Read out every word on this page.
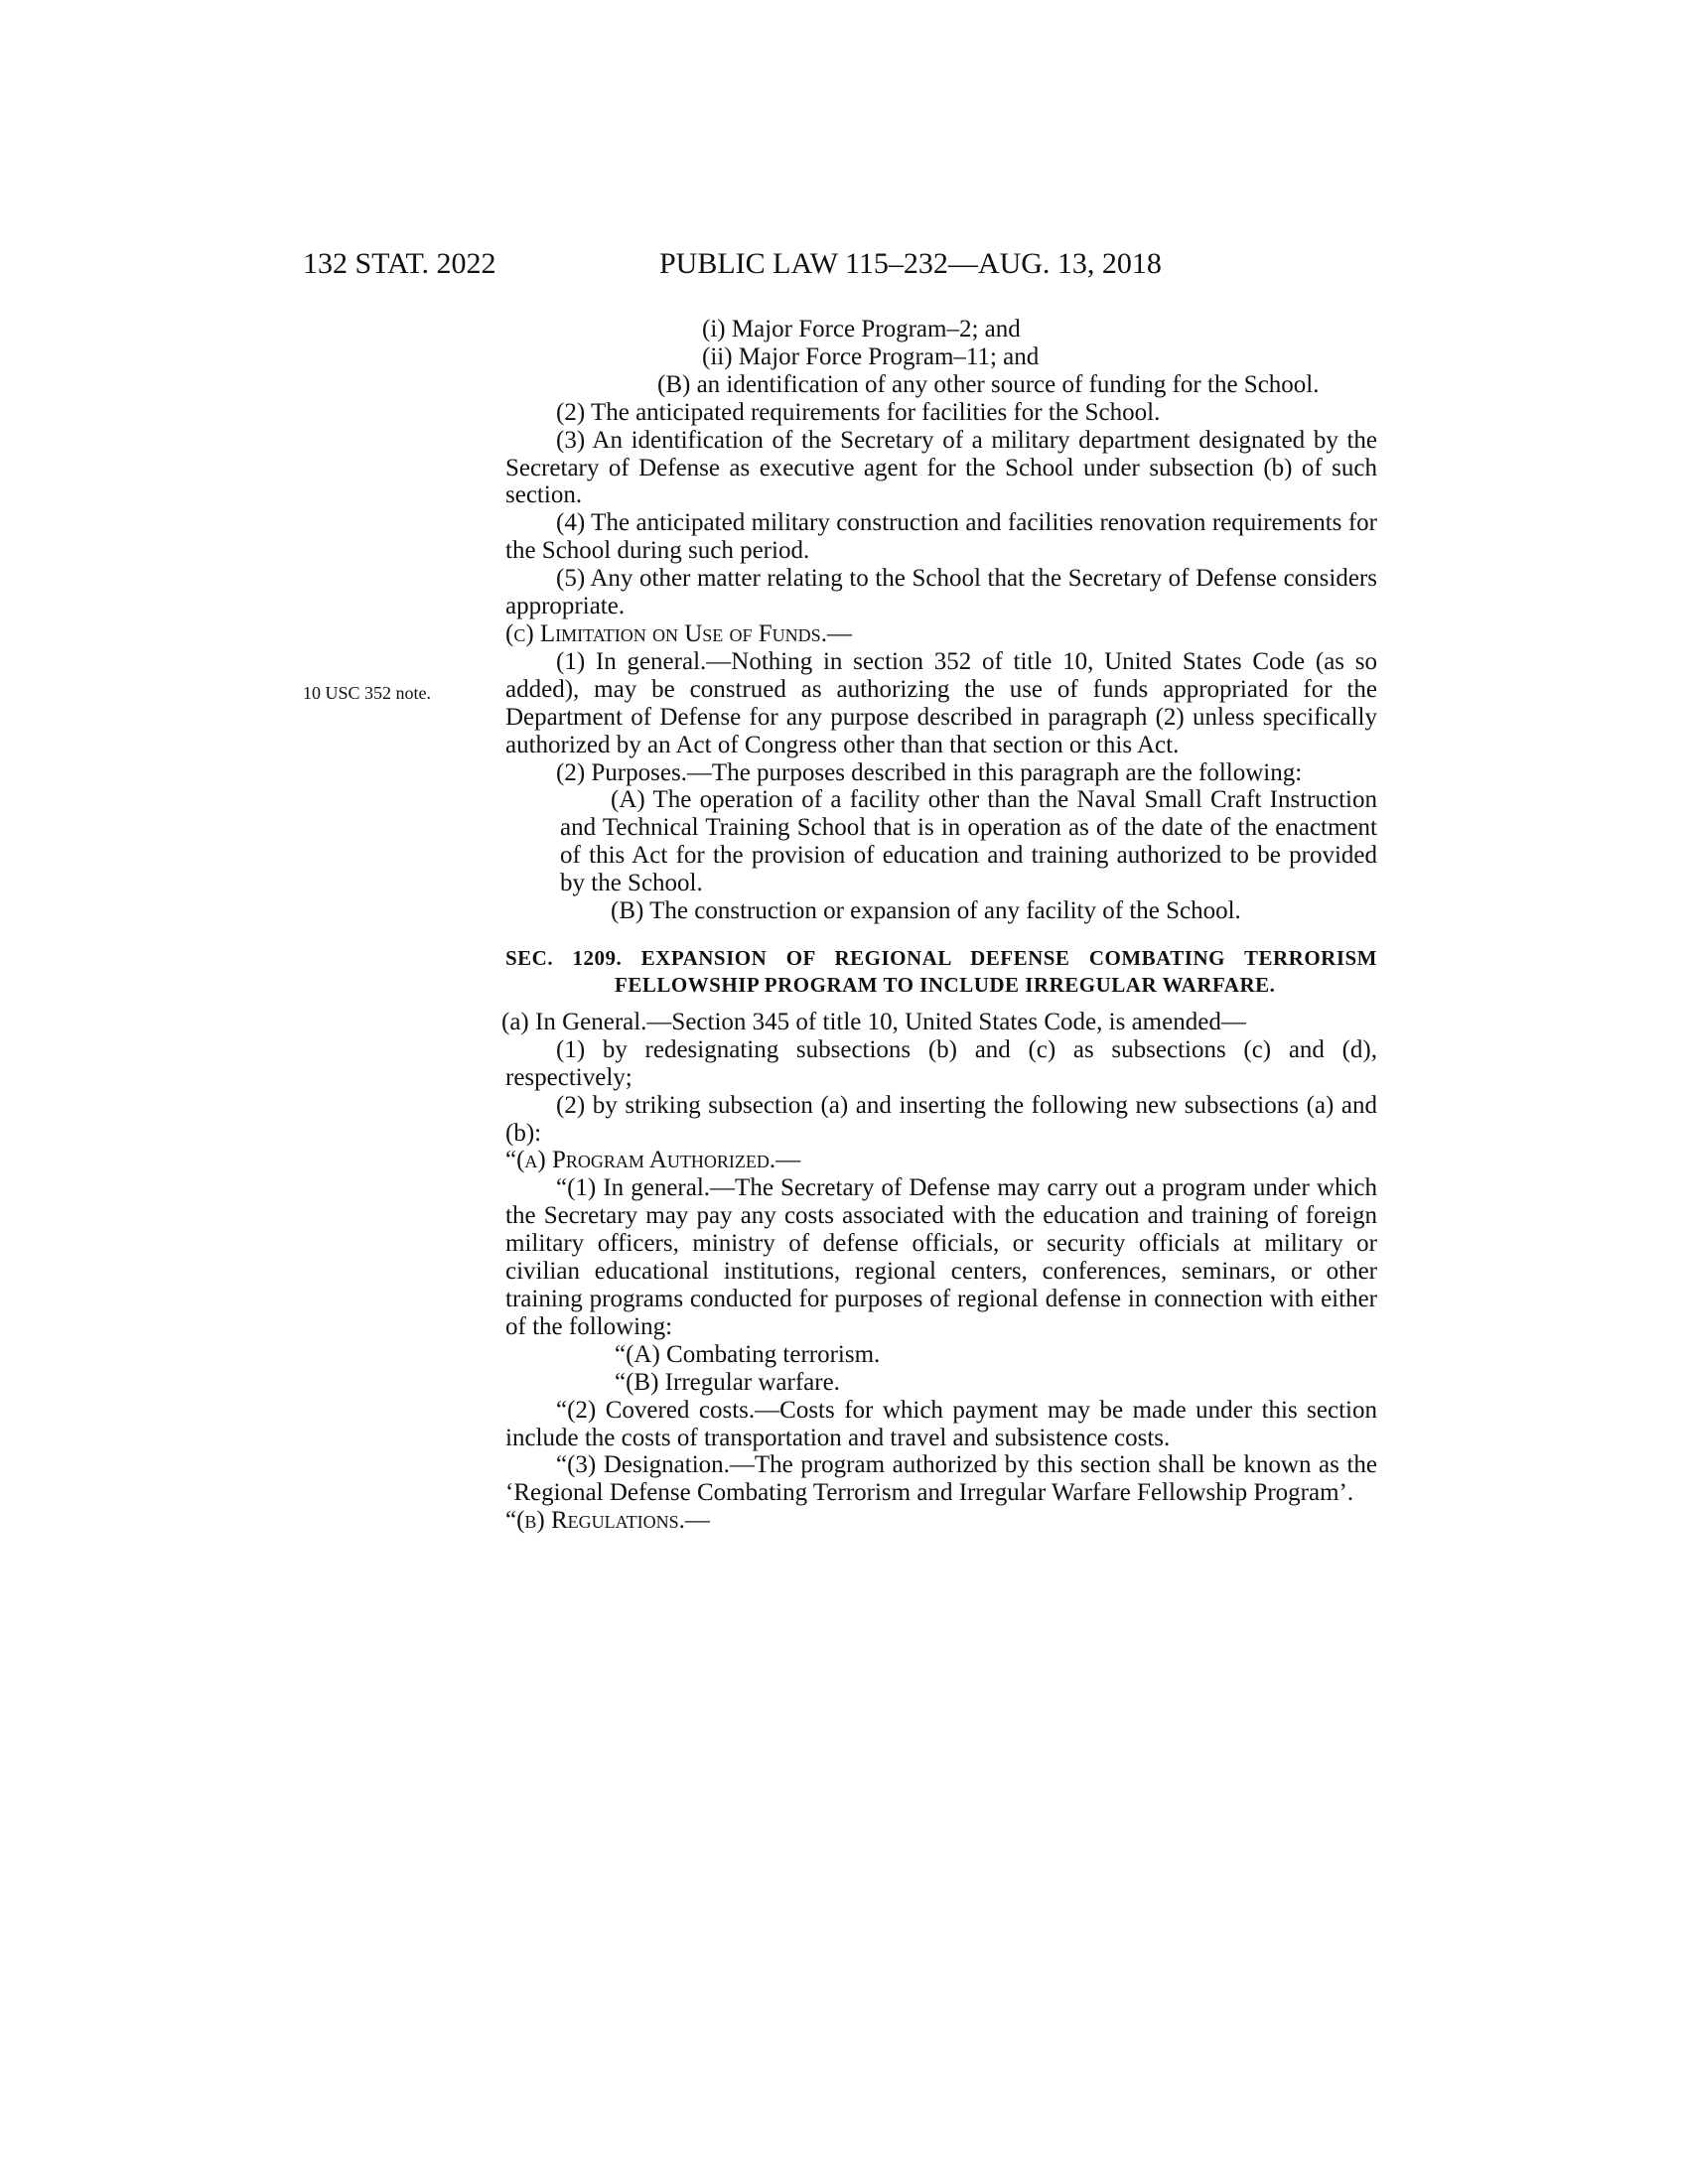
132 STAT. 2022	PUBLIC LAW 115–232—AUG. 13, 2018
10 USC 352 note.

(i) Major Force Program–2; and

(ii) Major Force Program–11; and

(B) an identification of any other source of funding for the School.

(2) The anticipated requirements for facilities for the School.

(3) An identification of the Secretary of a military department designated by the Secretary of Defense as executive agent for the School under subsection (b) of such section.

(4) The anticipated military construction and facilities renovation requirements for the School during such period.

(5) Any other matter relating to the School that the Secretary of Defense considers appropriate.

(c) Limitation on Use of Funds.—

(1) In general.—Nothing in section 352 of title 10, United States Code (as so added), may be construed as authorizing the use of funds appropriated for the Department of Defense for any purpose described in paragraph (2) unless specifically authorized by an Act of Congress other than that section or this Act.

(2) Purposes.—The purposes described in this paragraph are the following:

(A) The operation of a facility other than the Naval Small Craft Instruction and Technical Training School that is in operation as of the date of the enactment of this Act for the provision of education and training authorized to be provided by the School.

(B) The construction or expansion of any facility of the School.

SEC. 1209. EXPANSION OF REGIONAL DEFENSE COMBATING TERRORISM FELLOWSHIP PROGRAM TO INCLUDE IRREGULAR WARFARE.

(a) In General.—Section 345 of title 10, United States Code, is amended—

(1) by redesignating subsections (b) and (c) as subsections (c) and (d), respectively;

(2) by striking subsection (a) and inserting the following new subsections (a) and (b):

“(a) Program Authorized.—

“(1) In general.—The Secretary of Defense may carry out a program under which the Secretary may pay any costs associated with the education and training of foreign military officers, ministry of defense officials, or security officials at military or civilian educational institutions, regional centers, conferences, seminars, or other training programs conducted for purposes of regional defense in connection with either of the following:

“(A) Combating terrorism.

“(B) Irregular warfare.

“(2) Covered costs.—Costs for which payment may be made under this section include the costs of transportation and travel and subsistence costs.

“(3) Designation.—The program authorized by this section shall be known as the ‘Regional Defense Combating Terrorism and Irregular Warfare Fellowship Program’.

“(b) Regulations.—
